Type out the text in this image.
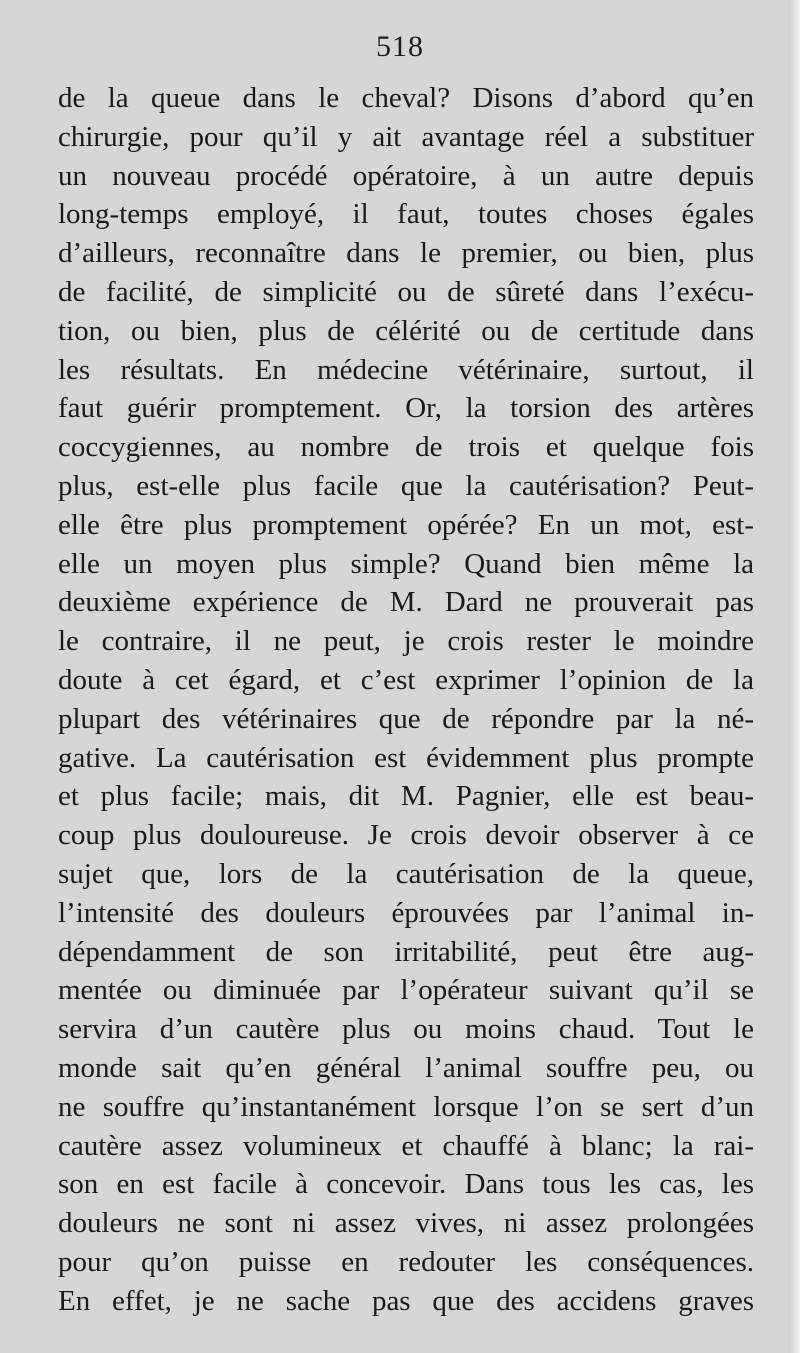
518
de la queue dans le cheval? Disons d’abord qu’en
chirurgie, pour qu’il y ait avantage réel a substituer
un nouveau procédé opératoire, à un autre depuis
long-temps employé, il faut, toutes choses égales
d’ailleurs, reconnaître dans le premier, ou bien, plus
de facilité, de simplicité ou de sûreté dans l’exécu-
tion, ou bien, plus de célérité ou de certitude dans
les résultats. En médecine vétérinaire, surtout, il
faut guérir promptement. Or, la torsion des artères
coccygiennes, au nombre de trois et quelque fois
plus, est-elle plus facile que la cautérisation? Peut-
elle être plus promptement opérée? En un mot, est-
elle un moyen plus simple? Quand bien même la
deuxième expérience de M. Dard ne prouverait pas
le contraire, il ne peut, je crois rester le moindre
doute à cet égard, et c’est exprimer l’opinion de la
plupart des vétérinaires que de répondre par la né-
gative. La cautérisation est évidemment plus prompte
et plus facile; mais, dit M. Pagnier, elle est beau-
coup plus douloureuse. Je crois devoir observer à ce
sujet que, lors de la cautérisation de la queue,
l’intensité des douleurs éprouvées par l’animal in-
dépendamment de son irritabilité, peut être aug-
mentée ou diminuée par l’opérateur suivant qu’il se
servira d’un cautère plus ou moins chaud. Tout le
monde sait qu’en général l’animal souffre peu, ou
ne souffre qu’instantanément lorsque l’on se sert d’un
cautère assez volumineux et chauffé à blanc; la rai-
son en est facile à concevoir. Dans tous les cas, les
douleurs ne sont ni assez vives, ni assez prolongées
pour qu’on puisse en redouter les conséquences.
En effet, je ne sache pas que des accidens graves
